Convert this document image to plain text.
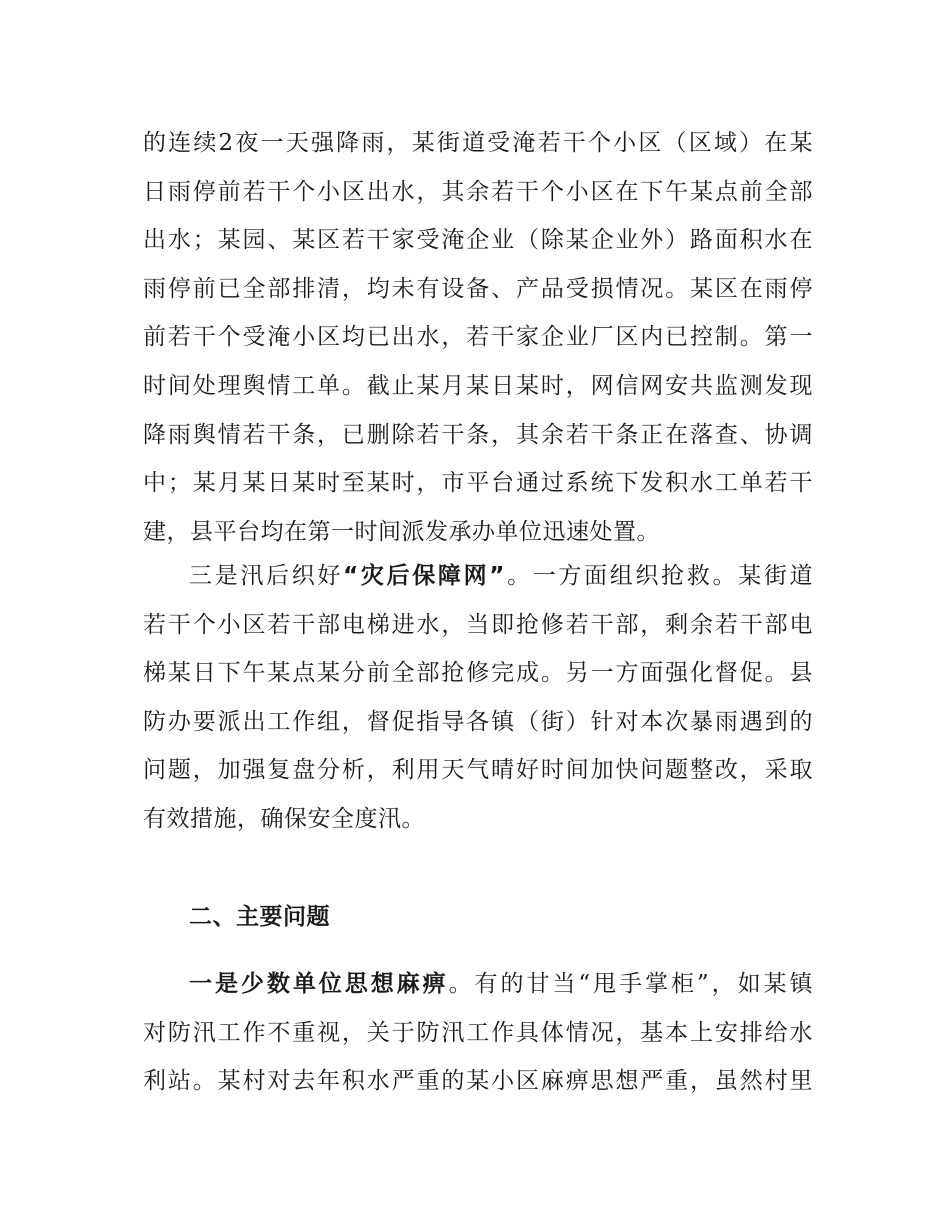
的连续2夜一天强降雨，某街道受淹若干个小区（区域）在某
日雨停前若干个小区出水，其余若干个小区在下午某点前全部
出水；某园、某区若干家受淹企业（除某企业外）路面积水在
雨停前已全部排清，均未有设备、产品受损情况。某区在雨停
前若干个受淹小区均已出水，若干家企业厂区内已控制。第一
时间处理舆情工单。截止某月某日某时，网信网安共监测发现
降雨舆情若干条，已删除若干条，其余若干条正在落查、协调
中；某月某日某时至某时，市平台通过系统下发积水工单若干
建，县平台均在第一时间派发承办单位迅速处置。
三是汛后织好“灾后保障网”。一方面组织抢救。某街道
若干个小区若干部电梯进水，当即抢修若干部，剩余若干部电
梯某日下午某点某分前全部抢修完成。另一方面强化督促。县
防办要派出工作组，督促指导各镇（街）针对本次暴雨遇到的
问题，加强复盘分析，利用天气晴好时间加快问题整改，采取
有效措施，确保安全度汛。
二、主要问题
一是少数单位思想麻痹。有的甘当“甩手掌柜”，如某镇
对防汛工作不重视，关于防汛工作具体情况，基本上安排给水
利站。某村对去年积水严重的某小区麻痹思想严重，虽然村里
